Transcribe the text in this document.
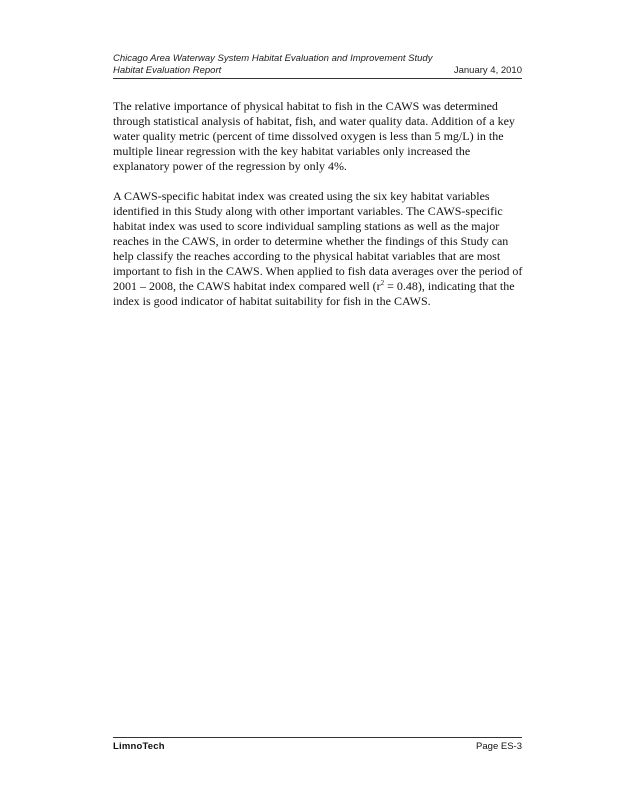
Chicago Area Waterway System Habitat Evaluation and Improvement Study
Habitat Evaluation Report	January 4, 2010

The relative importance of physical habitat to fish in the CAWS was determined through statistical analysis of habitat, fish, and water quality data. Addition of a key water quality metric (percent of time dissolved oxygen is less than 5 mg/L) in the multiple linear regression with the key habitat variables only increased the explanatory power of the regression by only 4%.

A CAWS-specific habitat index was created using the six key habitat variables identified in this Study along with other important variables. The CAWS-specific habitat index was used to score individual sampling stations as well as the major reaches in the CAWS, in order to determine whether the findings of this Study can help classify the reaches according to the physical habitat variables that are most important to fish in the CAWS. When applied to fish data averages over the period of 2001 – 2008, the CAWS habitat index compared well $(r^2 = 0.48)$, indicating that the index is good indicator of habitat suitability for fish in the CAWS.

LimnoTech	Page ES-3
